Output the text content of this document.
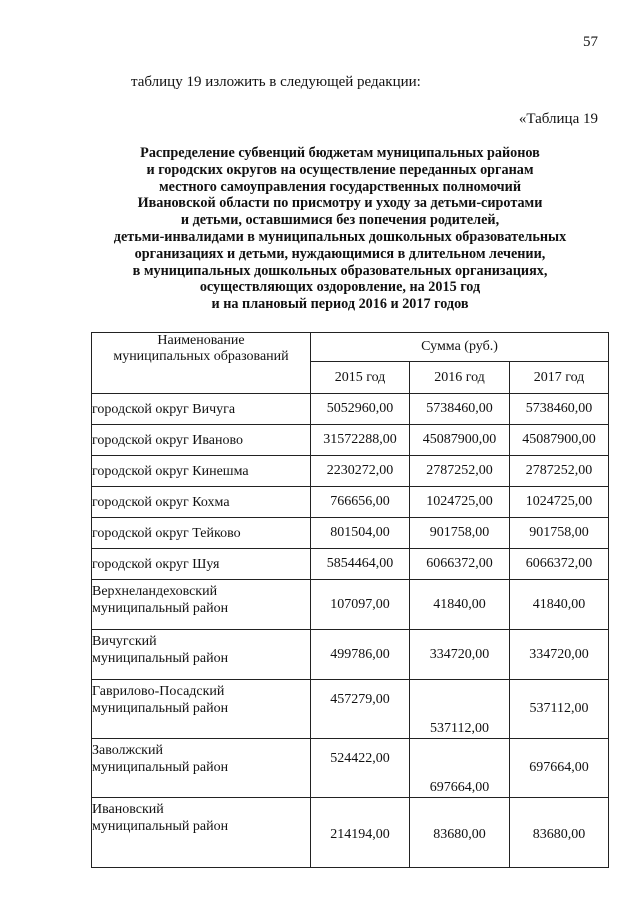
57
таблицу 19 изложить в следующей редакции:
«Таблица 19
Распределение субвенций бюджетам муниципальных районов
и городских округов на осуществление переданных органам
местного самоуправления государственных полномочий
Ивановской области по присмотру и уходу за детьми-сиротами
и детьми, оставшимися без попечения родителей,
детьми-инвалидами в муниципальных дошкольных образовательных
организациях и детьми, нуждающимися в длительном лечении,
в муниципальных дошкольных образовательных организациях,
осуществляющих оздоровление, на 2015 год
и на плановый период 2016 и 2017 годов
Наименование
муниципальных образований	Сумма (руб.)		
	2015 год	2016 год	2017 год
городской округ Вичуга	5052960,00	5738460,00	5738460,00
городской округ Иваново	31572288,00	45087900,00	45087900,00
городской округ Кинешма	2230272,00	2787252,00	2787252,00
городской округ Кохма	766656,00	1024725,00	1024725,00
городской округ Тейково	801504,00	901758,00	901758,00
городской округ Шуя	5854464,00	6066372,00	6066372,00
Верхнеландеховский
муниципальный район	107097,00	41840,00	41840,00
Вичугский
муниципальный район	499786,00	334720,00	334720,00
Гаврилово-Посадский
муниципальный район	457279,00	537112,00	537112,00
Заволжский
муниципальный район	524422,00	697664,00	697664,00
Ивановский
муниципальный район	214194,00	83680,00	83680,00
